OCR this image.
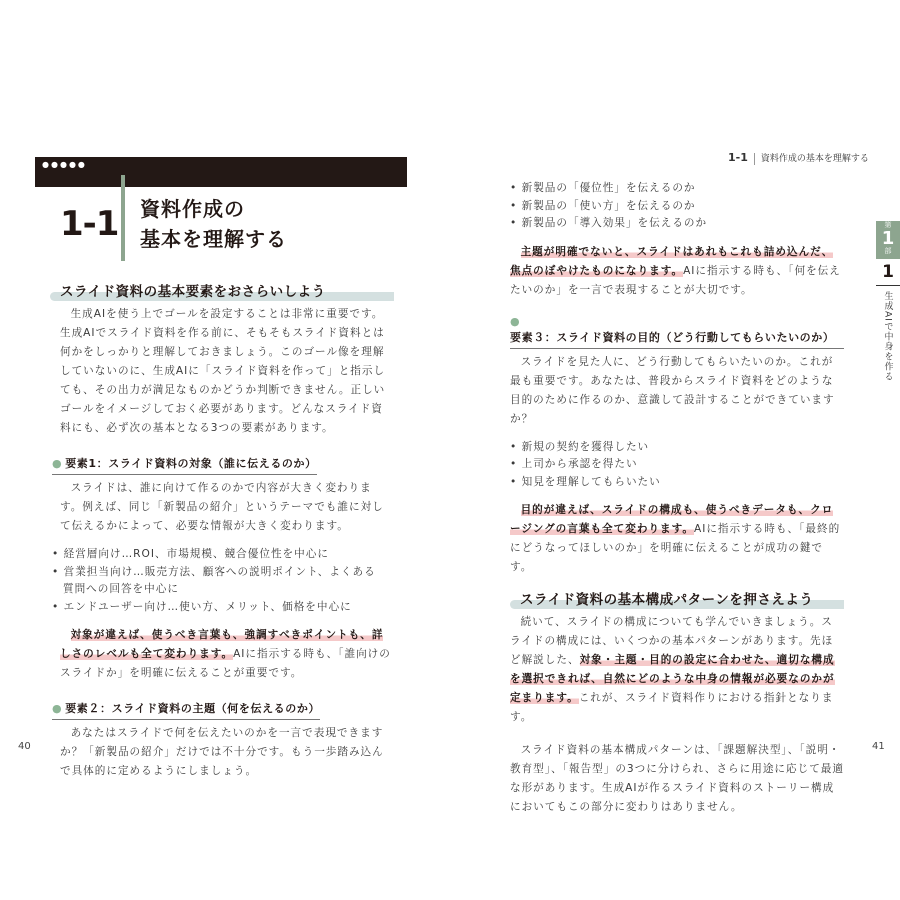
●●●●●
1-1 資料作成の
基本を理解する
スライド資料の基本要素をおさらいしよう

生成AIを使う上でゴールを設定することは非常に重要です。生成AIでスライド資料を作る前に、そもそもスライド資料とは何かをしっかりと理解しておきましょう。このゴール像を理解していないのに、生成AIに「スライド資料を作って」と指示しても、その出力が満足なものかどうか判断できません。正しいゴールをイメージしておく必要があります。どんなスライド資料にも、必ず次の基本となる3つの要素があります。

● 要素1：スライド資料の対象（誰に伝えるのか）

スライドは、誰に向けて作るのかで内容が大きく変わります。例えば、同じ「新製品の紹介」というテーマでも誰に対して伝えるかによって、必要な情報が大きく変わります。

• 経営層向け…ROI、市場規模、競合優位性を中心に
• 営業担当向け…販売方法、顧客への説明ポイント、よくある質問への回答を中心に
• エンドユーザー向け…使い方、メリット、価格を中心に

対象が違えば、使うべき言葉も、強調すべきポイントも、詳しさのレベルも全て変わります。AIに指示する時も、「誰向けのスライドか」を明確に伝えることが重要です。

● 要素２：スライド資料の主題（何を伝えるのか）

あなたはスライドで何を伝えたいのかを一言で表現できますか？「新製品の紹介」だけでは不十分です。もう一歩踏み込んで具体的に定めるようにしましょう。

40
1-1 資料作成の基本を理解する
• 新製品の「優位性」を伝えるのか
• 新製品の「使い方」を伝えるのか
• 新製品の「導入効果」を伝えるのか

主題が明確でないと、スライドはあれもこれも詰め込んだ、焦点のぼやけたものになります。AIに指示する時も、「何を伝えたいのか」を一言で表現することが大切です。

●要素３：スライド資料の目的（どう行動してもらいたいのか）

スライドを見た人に、どう行動してもらいたいのか。これが最も重要です。あなたは、普段からスライド資料をどのような目的のために作るのか、意識して設計することができていますか？

• 新規の契約を獲得したい
• 上司から承認を得たい
• 知見を理解してもらいたい

目的が違えば、スライドの構成も、使うべきデータも、クロージングの言葉も全て変わります。AIに指示する時も、「最終的にどうなってほしいのか」を明確に伝えることが成功の鍵です。

スライド資料の基本構成パターンを押さえよう

続いて、スライドの構成についても学んでいきましょう。スライドの構成には、いくつかの基本パターンがあります。先ほど解説した、対象・主題・目的の設定に合わせた、適切な構成を選択できれば、自然にどのような中身の情報が必要なのかが定まります。これが、スライド資料作りにおける指針となります。

スライド資料の基本構成パターンは、「課題解決型」、「説明・教育型」、「報告型」の3つに分けられ、さらに用途に応じて最適な形があります。生成AIが作るスライド資料のストーリー構成においてもこの部分に変わりはありません。

第
1
部
1
生成AIで中身を作る
41
